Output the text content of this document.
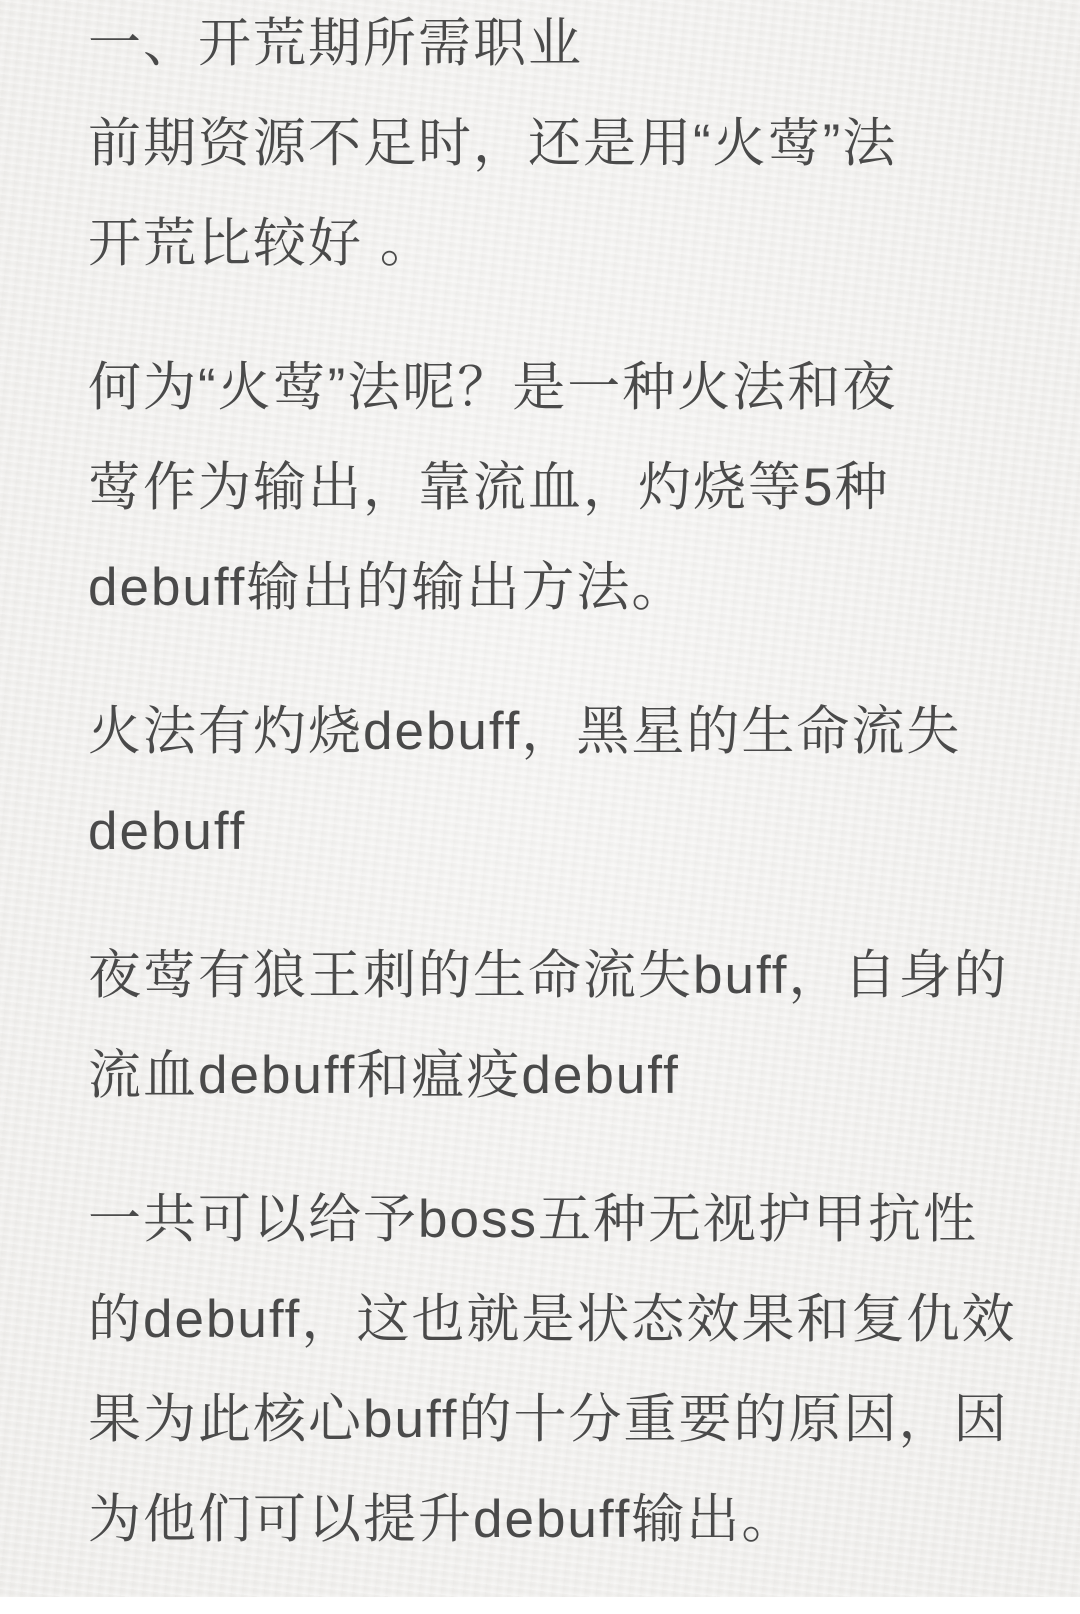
一、开荒期所需职业
前期资源不足时，还是用“火莺”法
开荒比较好 。
何为“火莺”法呢？是一种火法和夜
莺作为输出，靠流血，灼烧等5种
debuff输出的输出方法。
火法有灼烧debuff，黑星的生命流失
debuff
夜莺有狼王刺的生命流失buff，自身的
流血debuff和瘟疫debuff
一共可以给予boss五种无视护甲抗性
的debuff，这也就是状态效果和复仇效
果为此核心buff的十分重要的原因，因
为他们可以提升debuff输出。
